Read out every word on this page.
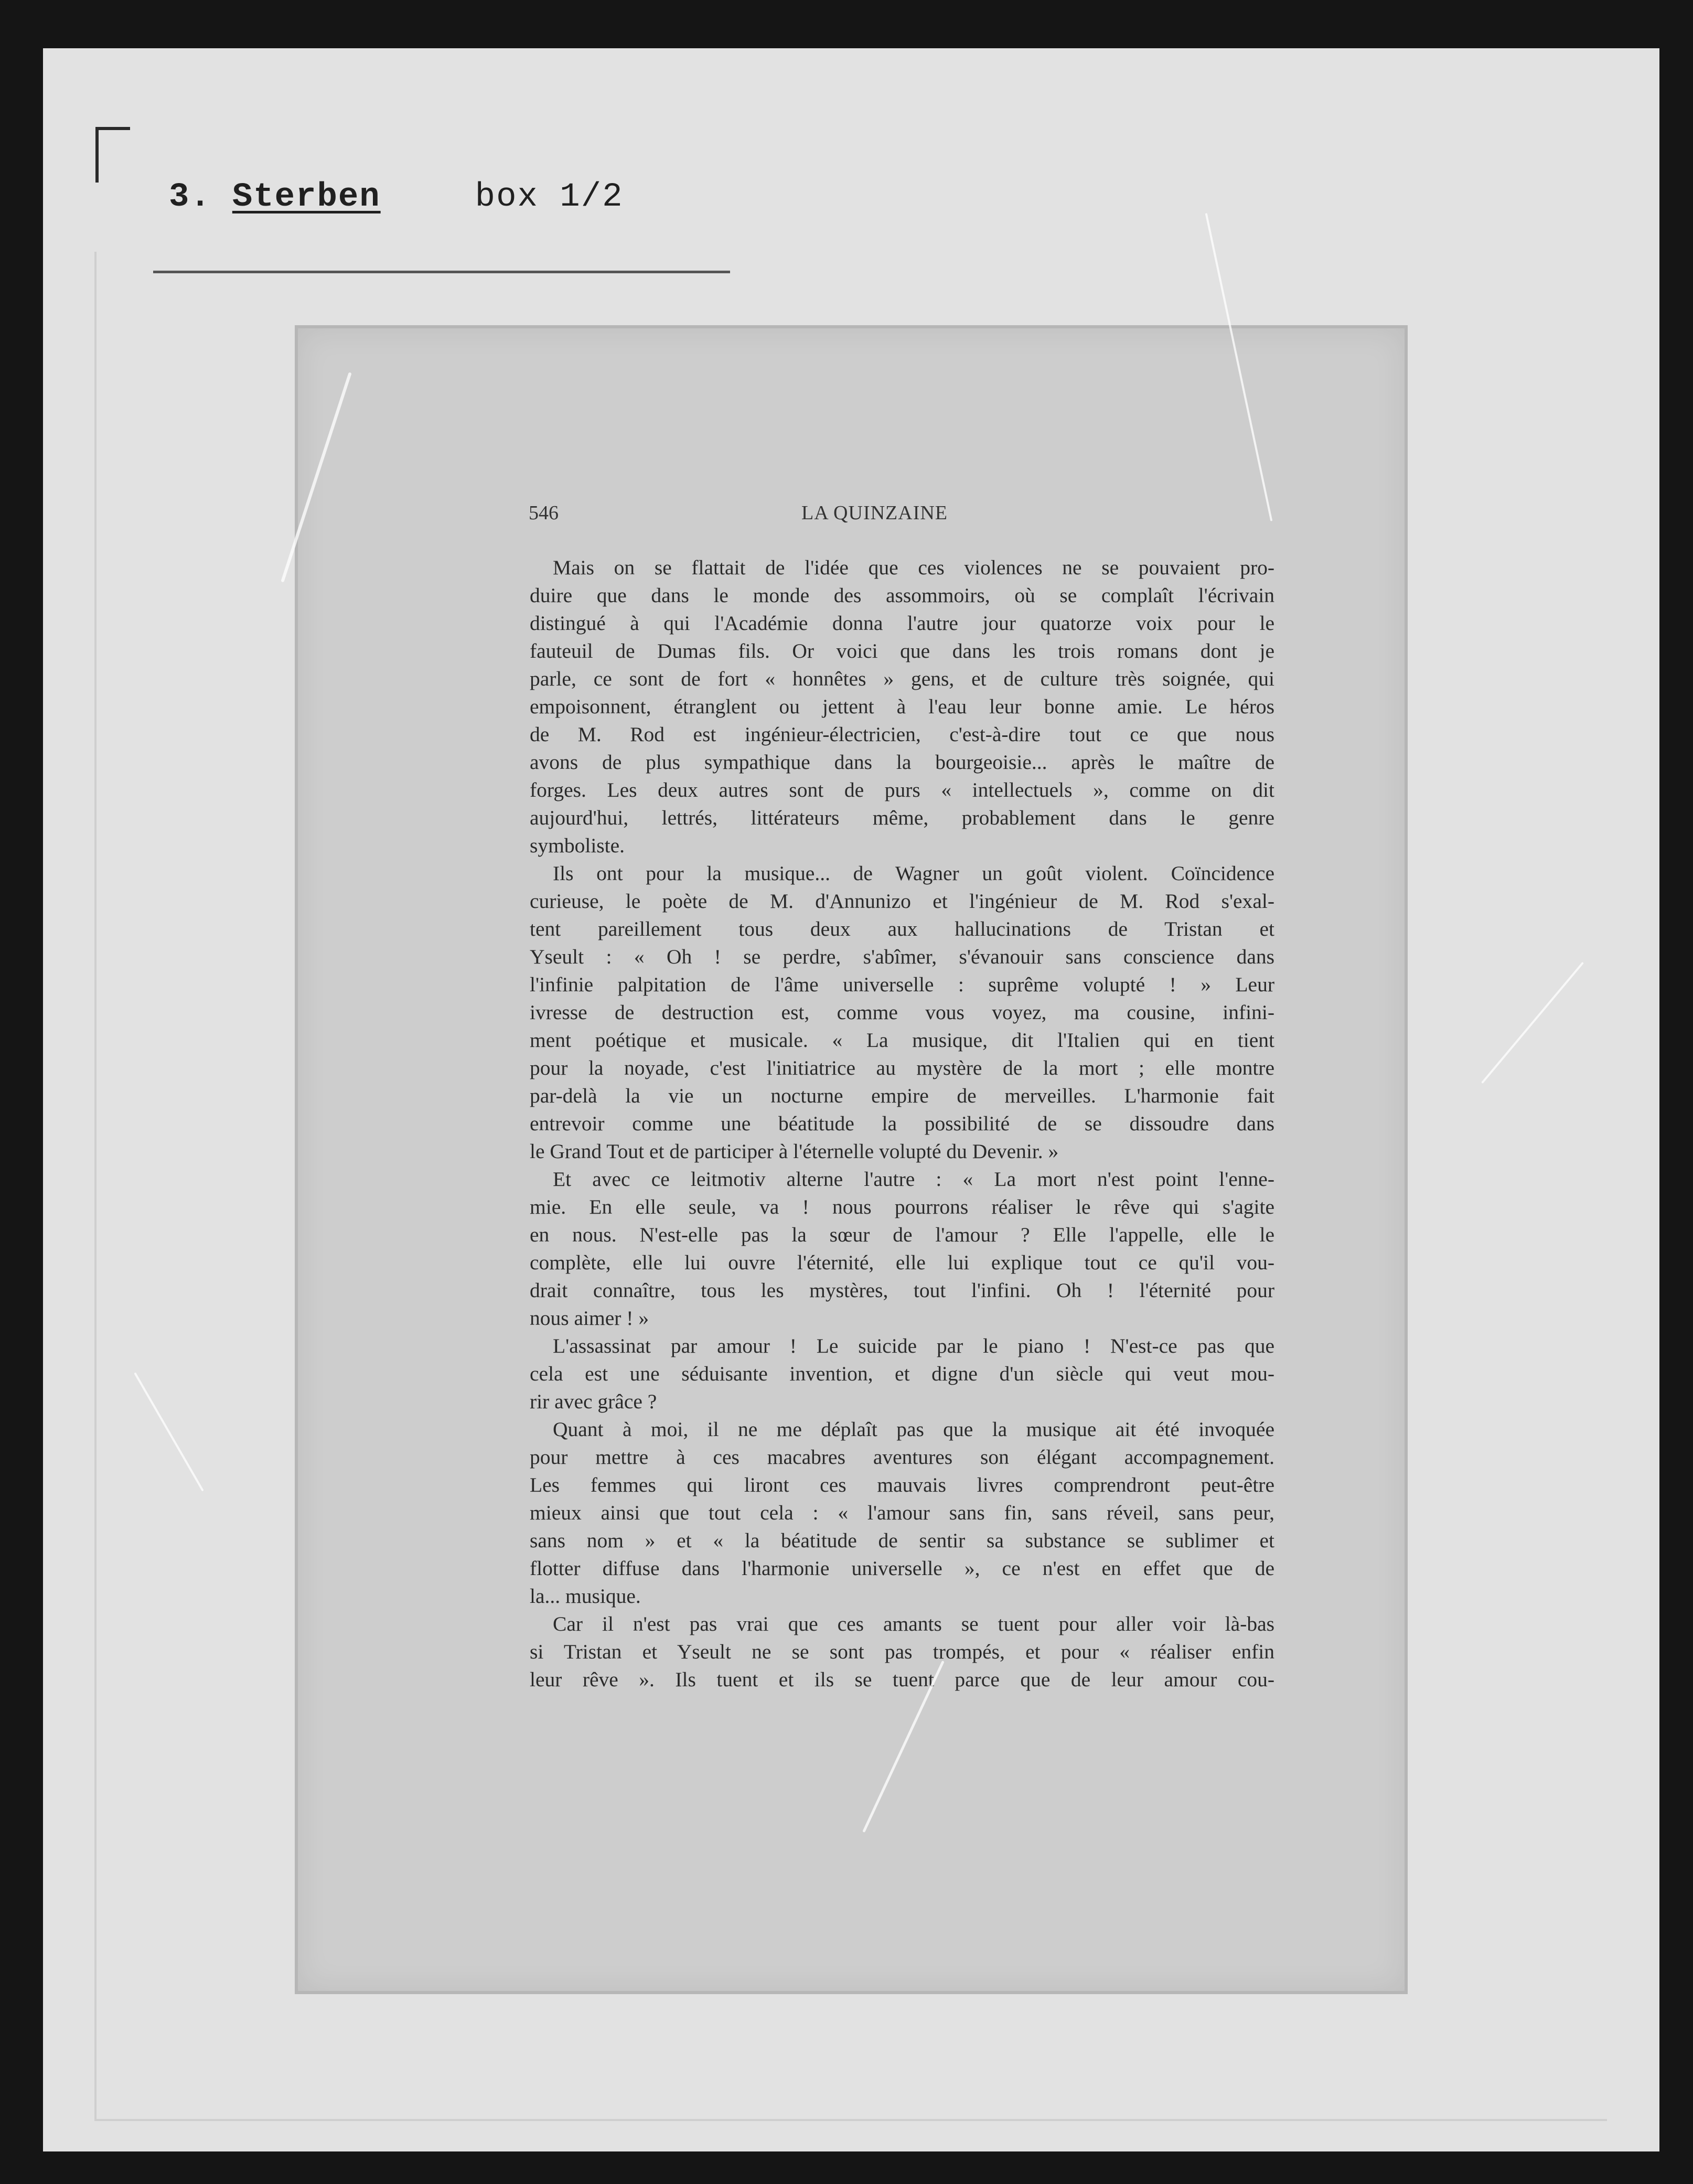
3. Sterben	box 1/2
546	LA QUINZAINE
Mais on se flattait de l'idée que ces violences ne se pouvaient pro-
duire que dans le monde des assommoirs, où se complaît l'écrivain
distingué à qui l'Académie donna l'autre jour quatorze voix pour le
fauteuil de Dumas fils. Or voici que dans les trois romans dont je
parle, ce sont de fort « honnêtes » gens, et de culture très soignée, qui
empoisonnent, étranglent ou jettent à l'eau leur bonne amie. Le héros
de M. Rod est ingénieur-électricien, c'est-à-dire tout ce que nous
avons de plus sympathique dans la bourgeoisie... après le maître de
forges. Les deux autres sont de purs « intellectuels », comme on dit
aujourd'hui, lettrés, littérateurs même, probablement dans le genre
symboliste.
Ils ont pour la musique... de Wagner un goût violent. Coïncidence
curieuse, le poète de M. d'Annunizo et l'ingénieur de M. Rod s'exal-
tent pareillement tous deux aux hallucinations de Tristan et
Yseult : « Oh ! se perdre, s'abîmer, s'évanouir sans conscience dans
l'infinie palpitation de l'âme universelle : suprême volupté ! » Leur
ivresse de destruction est, comme vous voyez, ma cousine, infini-
ment poétique et musicale. « La musique, dit l'Italien qui en tient
pour la noyade, c'est l'initiatrice au mystère de la mort ; elle montre
par-delà la vie un nocturne empire de merveilles. L'harmonie fait
entrevoir comme une béatitude la possibilité de se dissoudre dans
le Grand Tout et de participer à l'éternelle volupté du Devenir. »
Et avec ce leitmotiv alterne l'autre : « La mort n'est point l'enne-
mie. En elle seule, va ! nous pourrons réaliser le rêve qui s'agite
en nous. N'est-elle pas la sœur de l'amour ? Elle l'appelle, elle le
complète, elle lui ouvre l'éternité, elle lui explique tout ce qu'il vou-
drait connaître, tous les mystères, tout l'infini. Oh ! l'éternité pour
nous aimer ! »
L'assassinat par amour ! Le suicide par le piano ! N'est-ce pas que
cela est une séduisante invention, et digne d'un siècle qui veut mou-
rir avec grâce ?
Quant à moi, il ne me déplaît pas que la musique ait été invoquée
pour mettre à ces macabres aventures son élégant accompagnement.
Les femmes qui liront ces mauvais livres comprendront peut-être
mieux ainsi que tout cela : « l'amour sans fin, sans réveil, sans peur,
sans nom » et « la béatitude de sentir sa substance se sublimer et
flotter diffuse dans l'harmonie universelle », ce n'est en effet que de
la... musique.
Car il n'est pas vrai que ces amants se tuent pour aller voir là-bas
si Tristan et Yseult ne se sont pas trompés, et pour « réaliser enfin
leur rêve ». Ils tuent et ils se tuent parce que de leur amour cou-
